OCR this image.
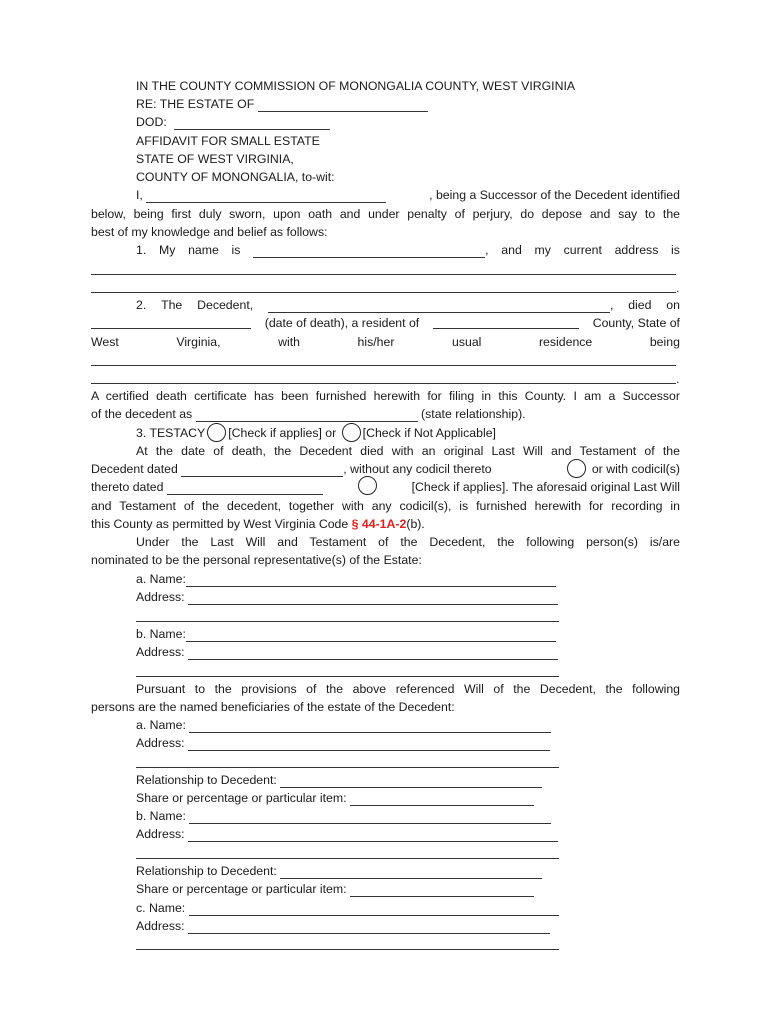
IN THE COUNTY COMMISSION OF MONONGALIA COUNTY, WEST VIRGINIA
RE: THE ESTATE OF
DOD:
AFFIDAVIT FOR SMALL ESTATE
STATE OF WEST VIRGINIA,
COUNTY OF MONONGALIA, to-wit:
I,	, being a Successor of the Decedent identified
below, being first duly sworn, upon oath and under penalty of perjury, do depose and say to the
best of my knowledge and belief as follows:
1. My name is	, and my current address is
.
2. The Decedent,	, died on
(date of death), a resident of	County, State of
West	Virginia,	with	his/her	usual	residence	being
.
A certified death certificate has been furnished herewith for filing in this County. I am a Successor
of the decedent as	(state relationship).
3. TESTACY [Check if applies] or [Check if Not Applicable]
At the date of death, the Decedent died with an original Last Will and Testament of the
Decedent dated	, without any codicil thereto	or with codicil(s)
thereto dated	[Check if applies]. The aforesaid original Last Will
and Testament of the decedent, together with any codicil(s), is furnished herewith for recording in
this County as permitted by West Virginia Code § 44-1A-2(b).
Under the Last Will and Testament of the Decedent, the following person(s) is/are
nominated to be the personal representative(s) of the Estate:
a. Name:
Address:
b. Name:
Address:
Pursuant to the provisions of the above referenced Will of the Decedent, the following
persons are the named beneficiaries of the estate of the Decedent:
a. Name:
Address:
Relationship to Decedent:
Share or percentage or particular item:
b. Name:
Address:
Relationship to Decedent:
Share or percentage or particular item:
c. Name:
Address:
